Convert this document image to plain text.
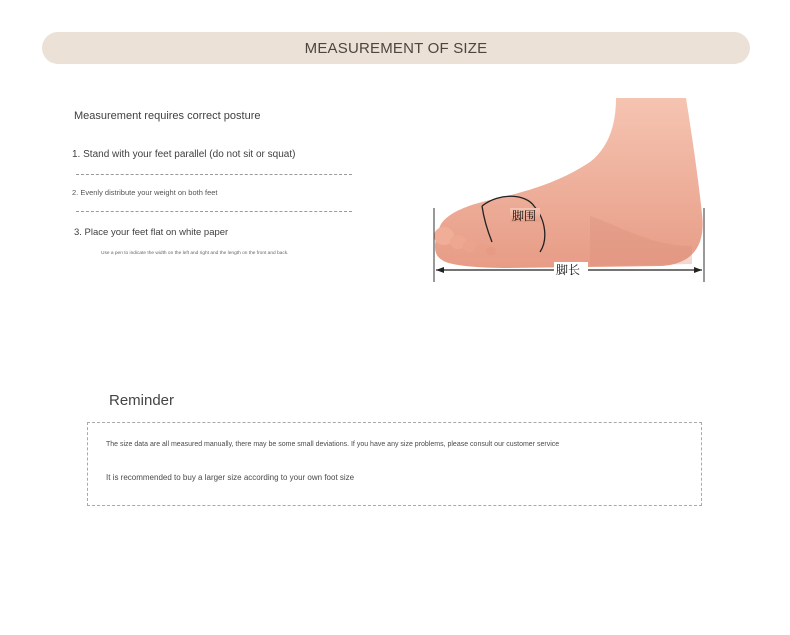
MEASUREMENT OF SIZE
Measurement requires correct posture
1. Stand with your feet parallel (do not sit or squat)
2. Evenly distribute your weight on both feet
3. Place your feet flat on white paper
Use a pen to indicate the width on the left and right and the length on the front and back.
脚围
脚长
Reminder
The size data are all measured manually, there may be some small deviations. If you have any size problems, please consult our customer service
It is recommended to buy a larger size according to your own foot size
